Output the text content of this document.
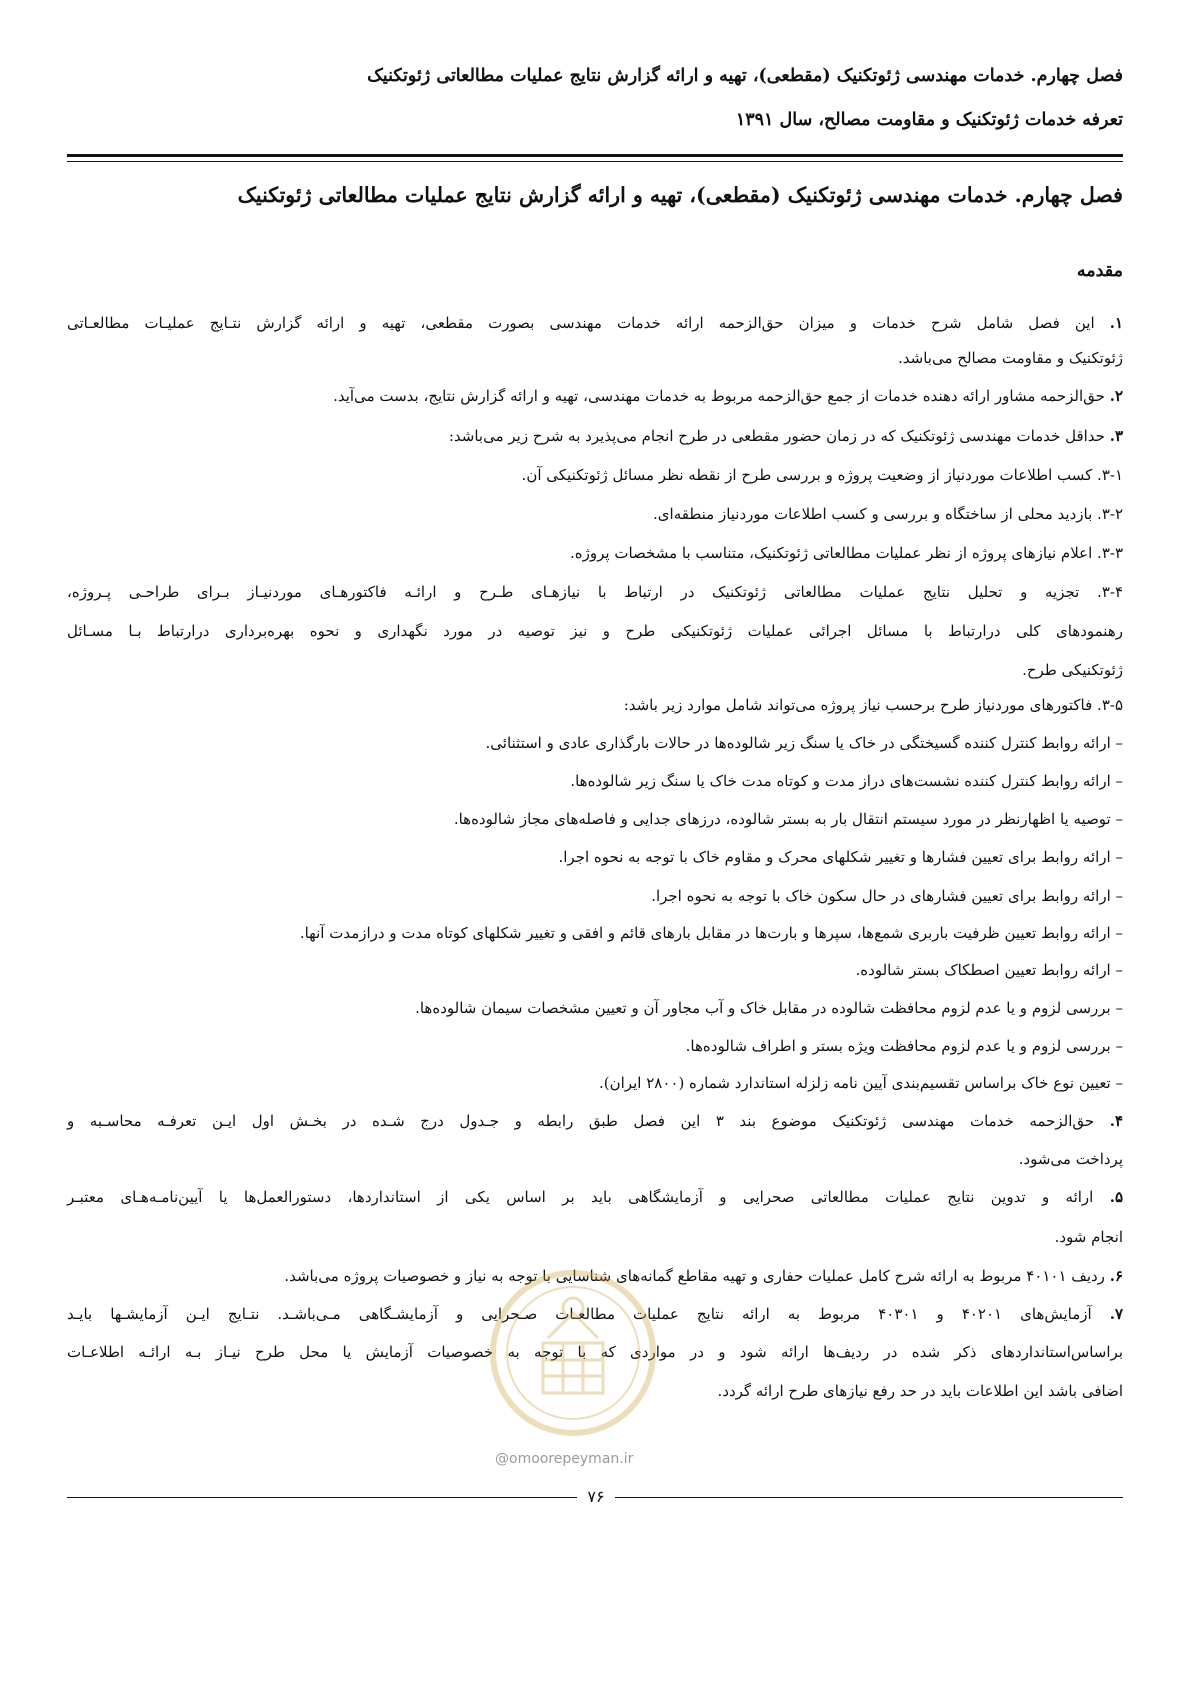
فصل چهارم. خدمات مهندسی ژئوتکنیک (مقطعی)، تهیه و ارائه گزارش نتایج عملیات مطالعاتی ژئوتکنیک
تعرفه خدمات ژئوتکنیک و مقاومت مصالح، سال ۱۳۹۱
فصل چهارم. خدمات مهندسی ژئوتکنیک (مقطعی)، تهیه و ارائه گزارش نتایج عملیات مطالعاتی ژئوتکنیک
مقدمه
۱. این فصل شامل شرح خدمات و میزان حق‌الزحمه ارائه خدمات مهندسی بصورت مقطعی، تهیه و ارائه گزارش نتـایج عملیـات مطالعـاتی
ژئوتکنیک و مقاومت مصالح می‌باشد.
۲. حق‌الزحمه مشاور ارائه دهنده خدمات از جمع حق‌الزحمه مربوط به خدمات مهندسی، تهیه و ارائه گزارش نتایج، بدست می‌آید.
۳. حداقل خدمات مهندسی ژئوتکنیک که در زمان حضور مقطعی در طرح انجام می‌پذیرد به شرح زیر می‌باشد:
۳-۱. کسب اطلاعات موردنیاز از وضعیت پروژه و بررسی طرح از نقطه نظر مسائل ژئوتکنیکی آن.
۳-۲. بازدید محلی از ساختگاه و بررسی و کسب اطلاعات موردنیاز منطقه‌ای.
۳-۳. اعلام نیازهای پروژه از نظر عملیات مطالعاتی ژئوتکنیک، متناسب با مشخصات پروژه.
۳-۴. تجزیه و تحلیل نتایج عملیات مطالعاتی ژئوتکنیک در ارتباط با نیازهـای طـرح و ارائـه فاکتورهـای موردنیـاز بـرای طراحـی پـروژه،
رهنمودهای کلی درارتباط با مسائل اجرائی عملیات ژئوتکنیکی طرح و نیز توصیه در مورد نگهداری و نحوه بهره‌برداری درارتباط بـا مسـائل
ژئوتکنیکی طرح.
۳-۵. فاکتورهای موردنیاز طرح برحسب نیاز پروژه می‌تواند شامل موارد زیر باشد:
– ارائه روابط کنترل کننده گسیختگی در خاک یا سنگ زیر شالوده‌ها در حالات بارگذاری عادی و استثنائی.
– ارائه روابط کنترل کننده نشست‌های دراز مدت و کوتاه مدت خاک یا سنگ زیر شالوده‌ها.
– توصیه یا اظهارنظر در مورد سیستم انتقال بار به بستر شالوده، درزهای جدایی و فاصله‌های مجاز شالوده‌ها.
– ارائه روابط برای تعیین فشارها و تغییر شکلهای محرک و مقاوم خاک با توجه به نحوه اجرا.
– ارائه روابط برای تعیین فشارهای در حال سکون خاک با توجه به نحوه اجرا.
– ارائه روابط تعیین ظرفیت باربری شمع‌ها، سپرها و بارت‌ها در مقابل بارهای قائم و افقی و تغییر شکلهای کوتاه مدت و درازمدت آنها.
– ارائه روابط تعیین اصطکاک بستر شالوده.
– بررسی لزوم و یا عدم لزوم محافظت شالوده در مقابل خاک و آب مجاور آن و تعیین مشخصات سیمان شالوده‌ها.
– بررسی لزوم و یا عدم لزوم محافظت ویژه بستر و اطراف شالوده‌ها.
– تعیین نوع خاک براساس تقسیم‌بندی آیین نامه زلزله استاندارد شماره (۲۸۰۰ ایران).
۴. حق‌الزحمه خدمات مهندسی ژئوتکنیک موضوع بند ۳ این فصل طبق رابطه و جـدول درج شـده در بخـش اول ایـن تعرفـه محاسـبه و
پرداخت می‌شود.
۵. ارائه و تدوین نتایج عملیات مطالعاتی صحرایی و آزمایشگاهی باید بر اساس یکی از استانداردها، دستورالعمل‌ها یا آیین‌نامـه‌هـای معتبـر
انجام شود.
۶. ردیف ۴۰۱۰۱ مربوط به ارائه شرح کامل عملیات حفاری و تهیه مقاطع گمانه‌های شناسایی با توجه به نیاز و خصوصیات پروژه می‌باشد.
۷. آزمایش‌های ۴۰۲۰۱ و ۴۰۳۰۱ مربوط به ارائه نتایج عملیات مطالعـات صـحرایی و آزمایشـگاهی مـی‌باشـد. نتـایج ایـن آزمایشـها بایـد
براساس‌استانداردهای ذکر شده در ردیف‌ها ارائه شود و در مواردی که با توجه به خصوصیات آزمایش یا محل طرح نیـاز بـه ارائـه اطلاعـات
اضافی باشد این اطلاعات باید در حد رفع نیازهای طرح ارائه گردد.
@omoorepeyman.ir
۷۶
